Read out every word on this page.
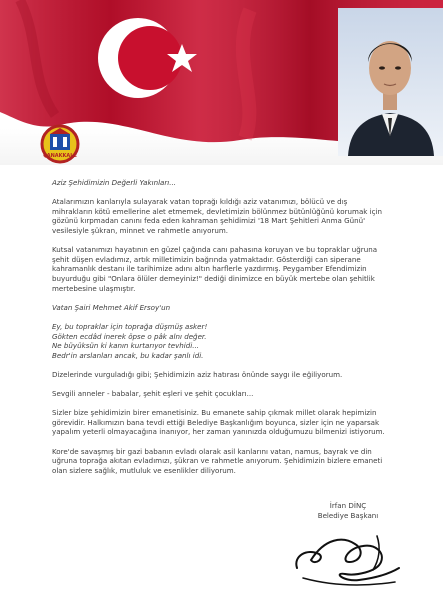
ÇANAKKALE

Aziz Şehidimizin Değerli Yakınları...

Atalarımızın kanlarıyla sulayarak vatan toprağı kıldığı aziz vatanımızı, bölücü ve dış mihrakların kötü emellerine alet etmemek, devletimizin bölünmez bütünlüğünü korumak için gözünü kırpmadan canını feda eden kahraman şehidimizi '18 Mart Şehitleri Anma Günü' vesilesiyle şükran, minnet ve rahmetle anıyorum.

Kutsal vatanımızı hayatının en güzel çağında canı pahasına koruyan ve bu topraklar uğruna şehit düşen evladımız, artık milletimizin bağrında yatmaktadır. Gösterdiği can siperane kahramanlık destanı ile tarihimize adını altın harflerle yazdırmış. Peygamber Efendimizin buyurduğu gibi "Onlara ölüler demeyiniz!" dediği dinimizce en büyük mertebe olan şehitlik mertebesine ulaşmıştır.

Vatan Şairi Mehmet Akif Ersoy'un

Ey, bu topraklar için toprağa düşmüş asker!
Gökten ecdâd inerek öpse o pâk alnı değer.
Ne büyüksün ki kanın kurtarıyor tevhidi...
Bedr'in arslanları ancak, bu kadar şanlı idi.

Dizelerinde vurguladığı gibi; Şehidimizin aziz hatırası önünde saygı ile eğiliyorum.

Sevgili anneler - babalar, şehit eşleri ve şehit çocukları...

Sizler bize şehidimizin birer emanetisiniz. Bu emanete sahip çıkmak millet olarak hepimizin görevidir. Halkımızın bana tevdi ettiği Belediye Başkanlığım boyunca, sizler için ne yaparsak yapalım yeterli olmayacağına inanıyor, her zaman yanınızda olduğumuzu bilmenizi istiyorum.

Kore'de savaşmış bir gazi babanın evladı olarak asil kanlarını vatan, namus, bayrak ve din uğruna toprağa akıtan evladımızı, şükran ve rahmetle anıyorum. Şehidimizin bizlere emaneti olan sizlere sağlık, mutluluk ve esenlikler diliyorum.

İrfan DİNÇ
Belediye Başkanı
